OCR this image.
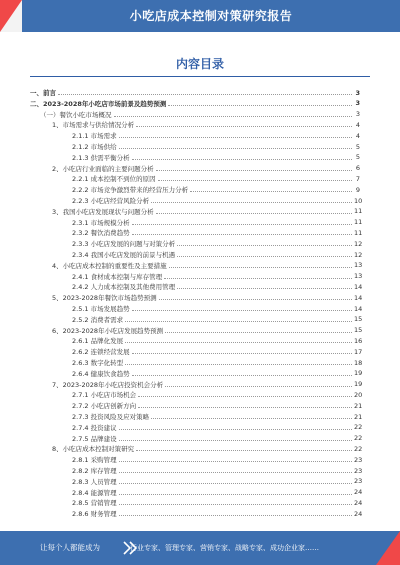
小吃店成本控制对策研究报告
内容目录
一、前言	3
二、2023-2028年小吃店市场前景及趋势预测	3
（一）餐饮小吃市场概况	3
1、市场需求与供给情况分析	4
2.1.1 市场需求	4
2.1.2 市场供给	5
2.1.3 供需平衡分析	5
2、小吃店行业面临的主要问题分析	6
2.2.1 成本控制不到位的原因	7
2.2.2 市场竞争激烈带来的经营压力分析	9
2.2.3 小吃店经营风险分析	10
3、我国小吃店发展现状与问题分析	11
2.3.1 市场规模分析	11
2.3.2 餐饮消费趋势	11
2.3.3 小吃店发展的问题与对策分析	12
2.3.4 我国小吃店发展的前景与机遇	12
4、小吃店成本控制的重要性及主要措施	13
2.4.1 食材成本控制与库存管理	13
2.4.2 人力成本控制及其他费用管理	14
5、2023-2028年餐饮市场趋势预测	14
2.5.1 市场发展趋势	14
2.5.2 消费者需求	15
6、2023-2028年小吃店发展趋势预测	15
2.6.1 品牌化发展	16
2.6.2 连锁经营发展	17
2.6.3 数字化转型	18
2.6.4 健康饮食趋势	19
7、2023-2028年小吃店投资机会分析	19
2.7.1 小吃店市场机会	20
2.7.2 小吃店创新方向	21
2.7.3 投资风险及应对策略	21
2.7.4 投资建议	22
2.7.5 品牌建设	22
8、小吃店成本控制对策研究	22
2.8.1 采购管理	23
2.8.2 库存管理	23
2.8.3 人员管理	23
2.8.4 能源管理	24
2.8.5 营销管理	24
2.8.6 财务管理	24
让每个人都能成为	行业专家、管理专家、营销专家、战略专家、成功企业家……
